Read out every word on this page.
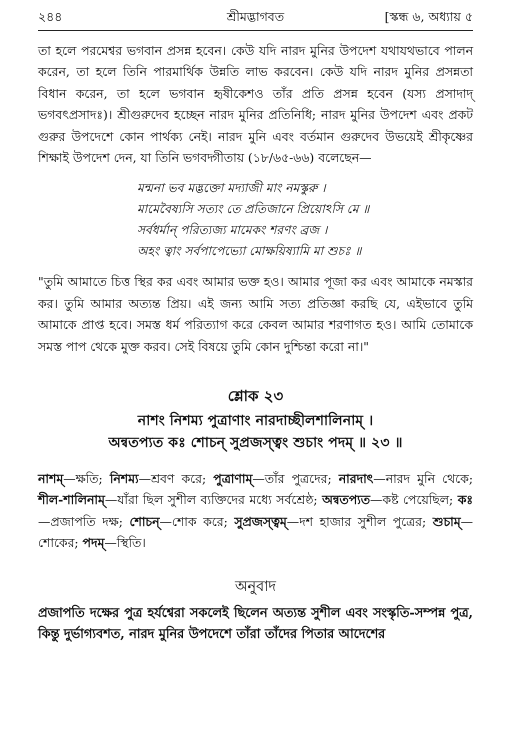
২৪৪	শ্রীমদ্ভাগবত	[স্কন্ধ ৬, অধ্যায় ৫

তা হলে পরমেশ্বর ভগবান প্রসন্ন হবেন। কেউ যদি নারদ মুনির উপদেশ যথাযথভাবে পালন করেন, তা হলে তিনি পারমার্থিক উন্নতি লাভ করবেন। কেউ যদি নারদ মুনির প্রসন্নতা বিধান করেন, তা হলে ভগবান হৃষীকেশও তাঁর প্রতি প্রসন্ন হবেন (যস্য প্রসাদাদ্ ভগবৎপ্রসাদঃ)। শ্রীগুরুদেব হচ্ছেন নারদ মুনির প্রতিনিধি; নারদ মুনির উপদেশ এবং প্রকট গুরুর উপদেশে কোন পার্থক্য নেই। নারদ মুনি এবং বর্তমান গুরুদেব উভয়েই শ্রীকৃষ্ণের শিক্ষাই উপদেশ দেন, যা তিনি ভগবদ্গীতায় (১৮/৬৫-৬৬) বলেছেন—

মন্মনা ভব মদ্ভক্তো মদ্যাজী মাং নমস্কুরু ।
মামেবৈষ্যসি সত্যং তে প্রতিজানে প্রিয়োঽসি মে ॥
সর্বধর্মান্ পরিত্যজ্য মামেকং শরণং ব্রজ ।
অহং ত্বাং সর্বপাপেভ্যো মোক্ষয়িষ্যামি মা শুচঃ ॥

"তুমি আমাতে চিত্ত স্থির কর এবং আমার ভক্ত হও। আমার পূজা কর এবং আমাকে নমস্কার কর। তুমি আমার অত্যন্ত প্রিয়। এই জন্য আমি সত্য প্রতিজ্ঞা করছি যে, এইভাবে তুমি আমাকে প্রাপ্ত হবে। সমস্ত ধর্ম পরিত্যাগ করে কেবল আমার শরণাগত হও। আমি তোমাকে সমস্ত পাপ থেকে মুক্ত করব। সেই বিষয়ে তুমি কোন দুশ্চিন্তা করো না।"

শ্লোক ২৩
নাশং নিশম্য পুত্রাণাং নারদাচ্ছীলশালিনাম্ ।
অন্বতপ্যত কঃ শোচন্ সুপ্রজস্ত্বং শুচাং পদম্ ॥ ২৩ ॥

নাশম্—ক্ষতি; নিশম্য—শ্রবণ করে; পুত্রাণাম্—তাঁর পুত্রদের; নারদাৎ—নারদ মুনি থেকে; শীল-শালিনাম্—যাঁরা ছিল সুশীল ব্যক্তিদের মধ্যে সর্বশ্রেষ্ঠ; অন্বতপ্যত—কষ্ট পেয়েছিল; কঃ—প্রজাপতি দক্ষ; শোচন্—শোক করে; সুপ্রজস্ত্বম্—দশ হাজার সুশীল পুত্রের; শুচাম্—শোকের; পদম্—স্থিতি।

অনুবাদ

প্রজাপতি দক্ষের পুত্র হর্যশ্বেরা সকলেই ছিলেন অত্যন্ত সুশীল এবং সংস্কৃতি-সম্পন্ন পুত্র, কিন্তু দুর্ভাগ্যবশত, নারদ মুনির উপদেশে তাঁরা তাঁদের পিতার আদেশের
